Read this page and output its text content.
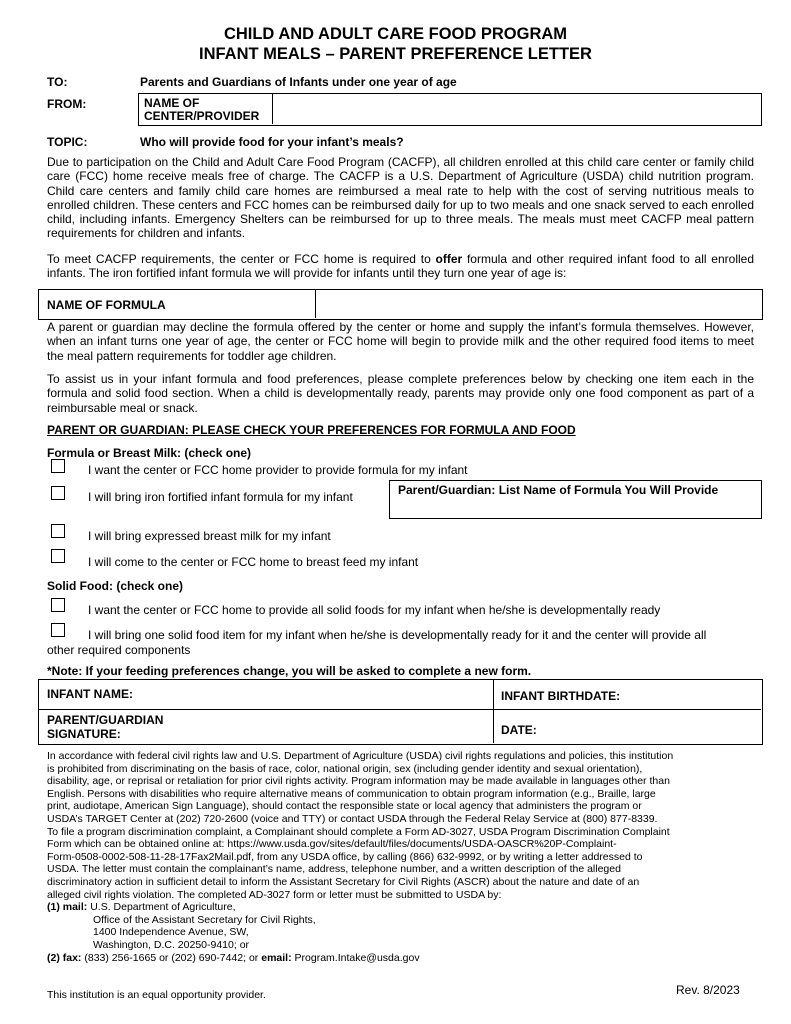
CHILD AND ADULT CARE FOOD PROGRAM
INFANT MEALS – PARENT PREFERENCE LETTER
TO:	Parents and Guardians of Infants under one year of age
FROM:	NAME OF CENTER/PROVIDER
TOPIC:	Who will provide food for your infant’s meals?
Due to participation on the Child and Adult Care Food Program (CACFP), all children enrolled at this child care center or family child care (FCC) home receive meals free of charge. The CACFP is a U.S. Department of Agriculture (USDA) child nutrition program. Child care centers and family child care homes are reimbursed a meal rate to help with the cost of serving nutritious meals to enrolled children. These centers and FCC homes can be reimbursed daily for up to two meals and one snack served to each enrolled child, including infants. Emergency Shelters can be reimbursed for up to three meals. The meals must meet CACFP meal pattern requirements for children and infants.
To meet CACFP requirements, the center or FCC home is required to offer formula and other required infant food to all enrolled infants. The iron fortified infant formula we will provide for infants until they turn one year of age is:
NAME OF FORMULA
A parent or guardian may decline the formula offered by the center or home and supply the infant’s formula themselves. However, when an infant turns one year of age, the center or FCC home will begin to provide milk and the other required food items to meet the meal pattern requirements for toddler age children.
To assist us in your infant formula and food preferences, please complete preferences below by checking one item each in the formula and solid food section. When a child is developmentally ready, parents may provide only one food component as part of a reimbursable meal or snack.
PARENT OR GUARDIAN: PLEASE CHECK YOUR PREFERENCES FOR FORMULA AND FOOD
Formula or Breast Milk: (check one)
I want the center or FCC home provider to provide formula for my infant
I will bring iron fortified infant formula for my infant	Parent/Guardian: List Name of Formula You Will Provide
I will bring expressed breast milk for my infant
I will come to the center or FCC home to breast feed my infant
Solid Food: (check one)
I want the center or FCC home to provide all solid foods for my infant when he/she is developmentally ready
I will bring one solid food item for my infant when he/she is developmentally ready for it and the center will provide all
other required components
*Note: If your feeding preferences change, you will be asked to complete a new form.
INFANT NAME:	INFANT BIRTHDATE:
PARENT/GUARDIAN
SIGNATURE:	DATE:
In accordance with federal civil rights law and U.S. Department of Agriculture (USDA) civil rights regulations and policies, this institution
is prohibited from discriminating on the basis of race, color, national origin, sex (including gender identity and sexual orientation),
disability, age, or reprisal or retaliation for prior civil rights activity. Program information may be made available in languages other than
English. Persons with disabilities who require alternative means of communication to obtain program information (e.g., Braille, large
print, audiotape, American Sign Language), should contact the responsible state or local agency that administers the program or
USDA’s TARGET Center at (202) 720-2600 (voice and TTY) or contact USDA through the Federal Relay Service at (800) 877-8339.
To file a program discrimination complaint, a Complainant should complete a Form AD-3027, USDA Program Discrimination Complaint
Form which can be obtained online at: https://www.usda.gov/sites/default/files/documents/USDA-OASCR%20P-Complaint-
Form-0508-0002-508-11-28-17Fax2Mail.pdf, from any USDA office, by calling (866) 632-9992, or by writing a letter addressed to
USDA. The letter must contain the complainant’s name, address, telephone number, and a written description of the alleged
discriminatory action in sufficient detail to inform the Assistant Secretary for Civil Rights (ASCR) about the nature and date of an
alleged civil rights violation. The completed AD-3027 form or letter must be submitted to USDA by:
(1) mail: U.S. Department of Agriculture,
Office of the Assistant Secretary for Civil Rights,
1400 Independence Avenue, SW,
Washington, D.C. 20250-9410; or
(2) fax: (833) 256-1665 or (202) 690-7442; or email: Program.Intake@usda.gov
This institution is an equal opportunity provider.	Rev. 8/2023
